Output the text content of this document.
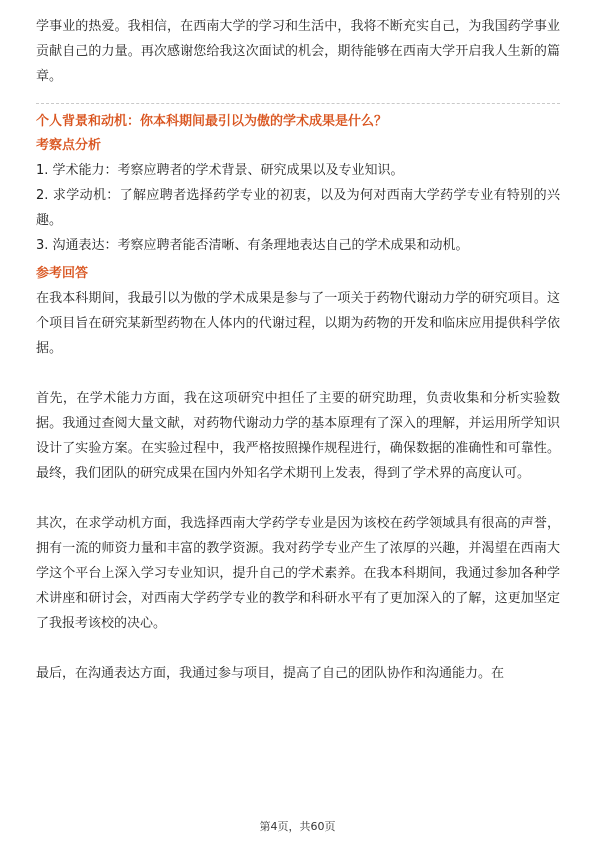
学事业的热爱。我相信，在西南大学的学习和生活中，我将不断充实自己，为我国药学事业贡献自己的力量。再次感谢您给我这次面试的机会，期待能够在西南大学开启我人生新的篇章。

个人背景和动机：你本科期间最引以为傲的学术成果是什么？

考察点分析

1. 学术能力：考察应聘者的学术背景、研究成果以及专业知识。

2. 求学动机：了解应聘者选择药学专业的初衷，以及为何对西南大学药学专业有特别的兴趣。

3. 沟通表达：考察应聘者能否清晰、有条理地表达自己的学术成果和动机。

参考回答

在我本科期间，我最引以为傲的学术成果是参与了一项关于药物代谢动力学的研究项目。这个项目旨在研究某新型药物在人体内的代谢过程，以期为药物的开发和临床应用提供科学依据。

首先，在学术能力方面，我在这项研究中担任了主要的研究助理，负责收集和分析实验数据。我通过查阅大量文献，对药物代谢动力学的基本原理有了深入的理解，并运用所学知识设计了实验方案。在实验过程中，我严格按照操作规程进行，确保数据的准确性和可靠性。最终，我们团队的研究成果在国内外知名学术期刊上发表，得到了学术界的高度认可。

其次，在求学动机方面，我选择西南大学药学专业是因为该校在药学领域具有很高的声誉，拥有一流的师资力量和丰富的教学资源。我对药学专业产生了浓厚的兴趣，并渴望在西南大学这个平台上深入学习专业知识，提升自己的学术素养。在我本科期间，我通过参加各种学术讲座和研讨会，对西南大学药学专业的教学和科研水平有了更加深入的了解，这更加坚定了我报考该校的决心。

最后，在沟通表达方面，我通过参与项目，提高了自己的团队协作和沟通能力。在

第4页，共60页
